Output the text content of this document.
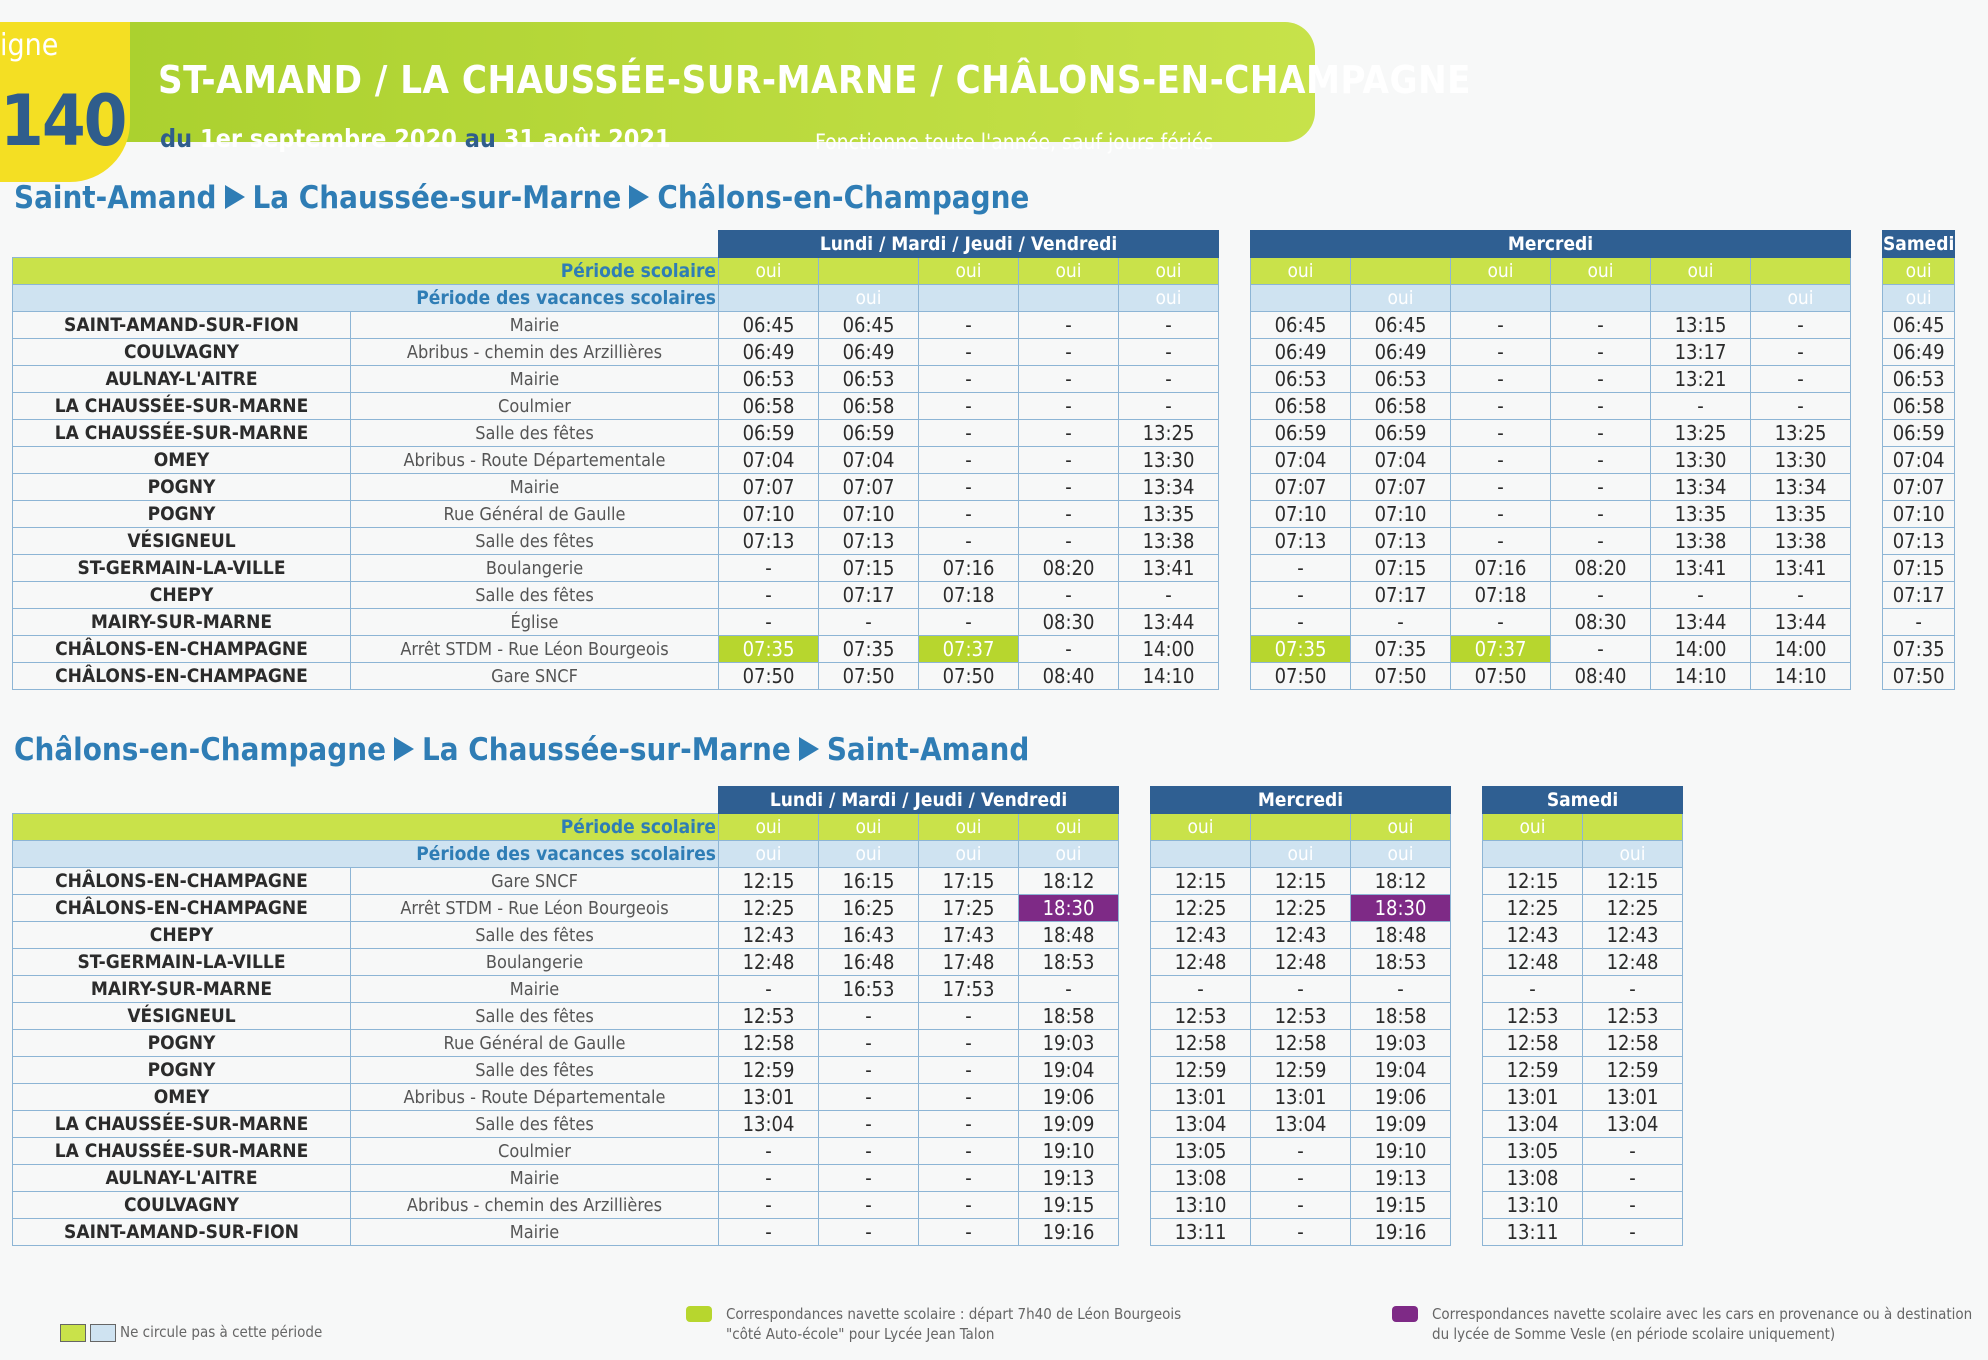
igne
140 ST-AMAND / LA CHAUSSÉE-SUR-MARNE / CHÂLONS-EN-CHAMPAGNE
du 1er septembre 2020 au 31 août 2021	Fonctionne toute l'année, sauf jours fériés
Saint-Amand La Chaussée-sur-Marne Châlons-en-Champagne
		Lundi / Mardi / Jeudi / Vendredi						Mercredi							Samedi
Période scolaire		oui		oui	oui	oui		oui		oui	oui	oui			oui
Période des vacances scolaires			oui			oui			oui				oui		oui
SAINT-AMAND-SUR-FION	Mairie	06:45	06:45	-	-	-		06:45	06:45	-	-	13:15	-		06:45
COULVAGNY	Abribus - chemin des Arzillières	06:49	06:49	-	-	-		06:49	06:49	-	-	13:17	-		06:49
AULNAY-L'AITRE	Mairie	06:53	06:53	-	-	-		06:53	06:53	-	-	13:21	-		06:53
LA CHAUSSÉE-SUR-MARNE	Coulmier	06:58	06:58	-	-	-		06:58	06:58	-	-	-	-		06:58
LA CHAUSSÉE-SUR-MARNE	Salle des fêtes	06:59	06:59	-	-	13:25		06:59	06:59	-	-	13:25	13:25		06:59
OMEY	Abribus - Route Départementale	07:04	07:04	-	-	13:30		07:04	07:04	-	-	13:30	13:30		07:04
POGNY	Mairie	07:07	07:07	-	-	13:34		07:07	07:07	-	-	13:34	13:34		07:07
POGNY	Rue Général de Gaulle	07:10	07:10	-	-	13:35		07:10	07:10	-	-	13:35	13:35		07:10
VÉSIGNEUL	Salle des fêtes	07:13	07:13	-	-	13:38		07:13	07:13	-	-	13:38	13:38		07:13
ST-GERMAIN-LA-VILLE	Boulangerie	-	07:15	07:16	08:20	13:41		-	07:15	07:16	08:20	13:41	13:41		07:15
CHEPY	Salle des fêtes	-	07:17	07:18	-	-		-	07:17	07:18	-	-	-		07:17
MAIRY-SUR-MARNE	Église	-	-	-	08:30	13:44		-	-	-	08:30	13:44	13:44		-
CHÂLONS-EN-CHAMPAGNE	Arrêt STDM - Rue Léon Bourgeois	07:35	07:35	07:37	-	14:00		07:35	07:35	07:37	-	14:00	14:00		07:35
CHÂLONS-EN-CHAMPAGNE	Gare SNCF	07:50	07:50	07:50	08:40	14:10		07:50	07:50	07:50	08:40	14:10	14:10		07:50
Châlons-en-Champagne La Chaussée-sur-Marne Saint-Amand
		Lundi / Mardi / Jeudi / Vendredi					Mercredi				Samedi	
Période scolaire		oui	oui	oui	oui		oui		oui		oui	
Période des vacances scolaires		oui	oui	oui	oui			oui	oui			oui
CHÂLONS-EN-CHAMPAGNE	Gare SNCF	12:15	16:15	17:15	18:12		12:15	12:15	18:12		12:15	12:15
CHÂLONS-EN-CHAMPAGNE	Arrêt STDM - Rue Léon Bourgeois	12:25	16:25	17:25	18:30		12:25	12:25	18:30		12:25	12:25
CHEPY	Salle des fêtes	12:43	16:43	17:43	18:48		12:43	12:43	18:48		12:43	12:43
ST-GERMAIN-LA-VILLE	Boulangerie	12:48	16:48	17:48	18:53		12:48	12:48	18:53		12:48	12:48
MAIRY-SUR-MARNE	Mairie	-	16:53	17:53	-		-	-	-		-	-
VÉSIGNEUL	Salle des fêtes	12:53	-	-	18:58		12:53	12:53	18:58		12:53	12:53
POGNY	Rue Général de Gaulle	12:58	-	-	19:03		12:58	12:58	19:03		12:58	12:58
POGNY	Salle des fêtes	12:59	-	-	19:04		12:59	12:59	19:04		12:59	12:59
OMEY	Abribus - Route Départementale	13:01	-	-	19:06		13:01	13:01	19:06		13:01	13:01
LA CHAUSSÉE-SUR-MARNE	Salle des fêtes	13:04	-	-	19:09		13:04	13:04	19:09		13:04	13:04
LA CHAUSSÉE-SUR-MARNE	Coulmier	-	-	-	19:10		13:05	-	19:10		13:05	-
AULNAY-L'AITRE	Mairie	-	-	-	19:13		13:08	-	19:13		13:08	-
COULVAGNY	Abribus - chemin des Arzillières	-	-	-	19:15		13:10	-	19:15		13:10	-
SAINT-AMAND-SUR-FION	Mairie	-	-	-	19:16		13:11	-	19:16		13:11	-
Ne circule pas à cette période
Correspondances navette scolaire : départ 7h40 de Léon Bourgeois
"côté Auto-école" pour Lycée Jean Talon
Correspondances navette scolaire avec les cars en provenance ou à destination
du lycée de Somme Vesle (en période scolaire uniquement)
